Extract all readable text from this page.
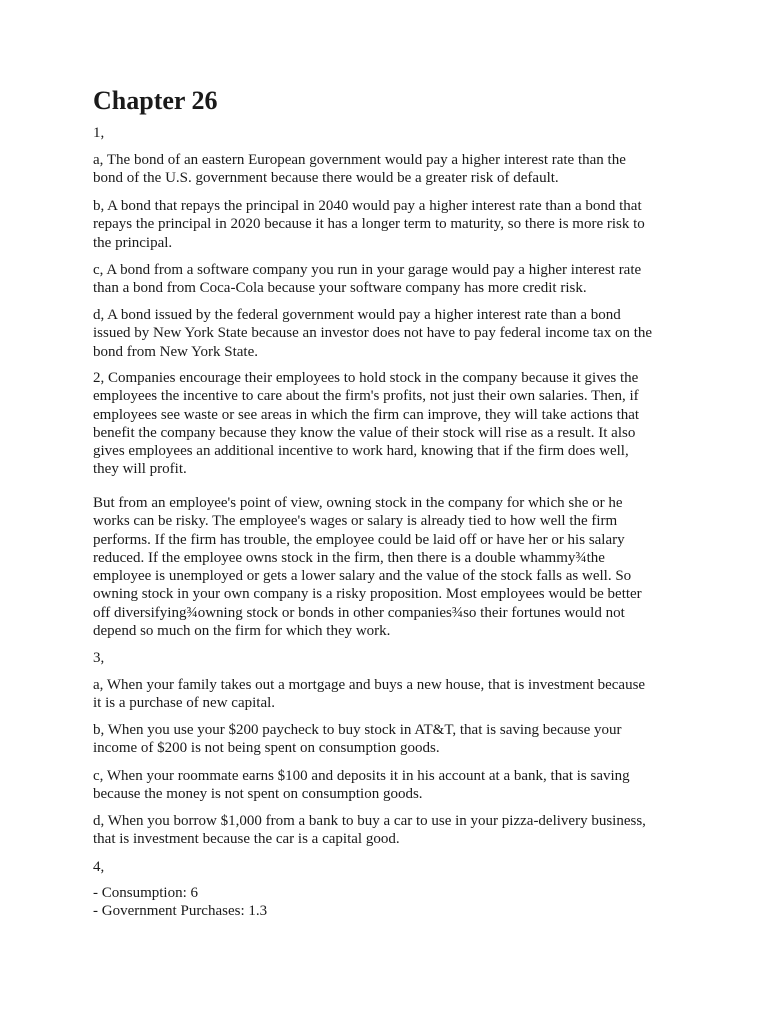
Chapter 26
1,
a, The bond of an eastern European government would pay a higher interest rate than the
bond of the U.S. government because there would be a greater risk of default.
b, A bond that repays the principal in 2040 would pay a higher interest rate than a bond that
repays the principal in 2020 because it has a longer term to maturity, so there is more risk to
the principal.
c, A bond from a software company you run in your garage would pay a higher interest rate
than a bond from Coca-Cola because your software company has more credit risk.
d, A bond issued by the federal government would pay a higher interest rate than a bond
issued by New York State because an investor does not have to pay federal income tax on the
bond from New York State.
2, Companies encourage their employees to hold stock in the company because it gives the
employees the incentive to care about the firm's profits, not just their own salaries. Then, if
employees see waste or see areas in which the firm can improve, they will take actions that
benefit the company because they know the value of their stock will rise as a result. It also
gives employees an additional incentive to work hard, knowing that if the firm does well,
they will profit.
But from an employee's point of view, owning stock in the company for which she or he
works can be risky. The employee's wages or salary is already tied to how well the firm
performs. If the firm has trouble, the employee could be laid off or have her or his salary
reduced. If the employee owns stock in the firm, then there is a double whammy¾the
employee is unemployed or gets a lower salary and the value of the stock falls as well. So
owning stock in your own company is a risky proposition. Most employees would be better
off diversifying¾owning stock or bonds in other companies¾so their fortunes would not
depend so much on the firm for which they work.
3,
a, When your family takes out a mortgage and buys a new house, that is investment because
it is a purchase of new capital.
b, When you use your $200 paycheck to buy stock in AT&T, that is saving because your
income of $200 is not being spent on consumption goods.
c, When your roommate earns $100 and deposits it in his account at a bank, that is saving
because the money is not spent on consumption goods.
d, When you borrow $1,000 from a bank to buy a car to use in your pizza-delivery business,
that is investment because the car is a capital good.
4,
- Consumption: 6
- Government Purchases: 1.3
